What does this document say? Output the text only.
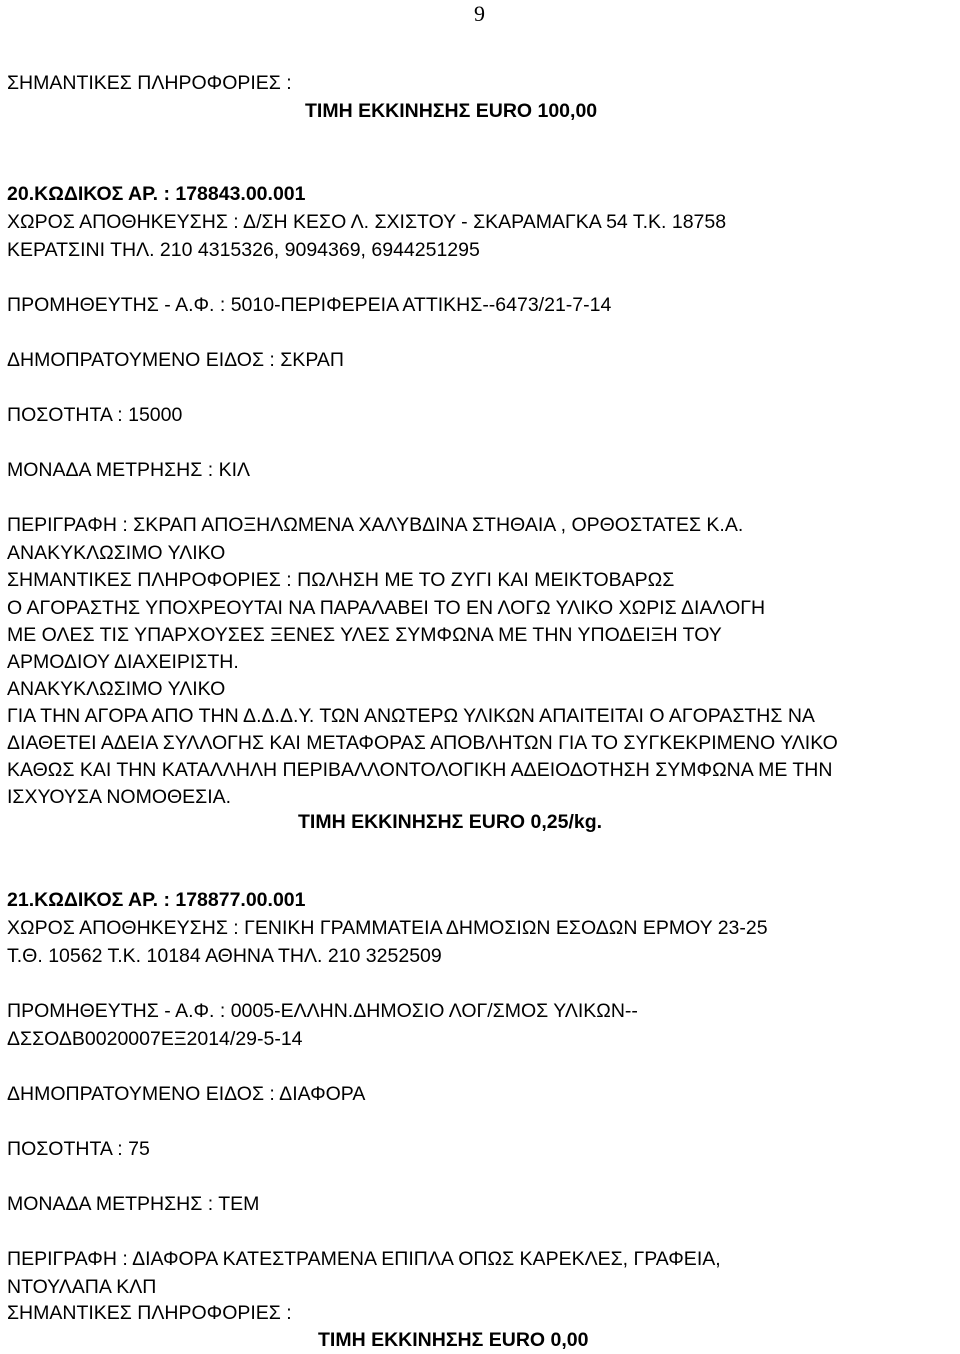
9

ΣΗΜΑΝΤΙΚΕΣ ΠΛΗΡΟΦΟΡΙΕΣ :

ΤΙΜΗ ΕΚΚΙΝΗΣΗΣ EURO 100,00

20.ΚΩΔΙΚΟΣ ΑΡ. : 178843.00.001

ΧΩΡΟΣ ΑΠΟΘΗΚΕΥΣΗΣ : Δ/ΣΗ ΚΕΣΟ Λ. ΣΧΙΣΤΟΥ - ΣΚΑΡΑΜΑΓΚΑ 54 Τ.Κ. 18758

ΚΕΡΑΤΣΙΝΙ ΤΗΛ. 210 4315326, 9094369, 6944251295

ΠΡΟΜΗΘΕΥΤΗΣ - Α.Φ. : 5010-ΠΕΡΙΦΕΡΕΙΑ ΑΤΤΙΚΗΣ--6473/21-7-14

ΔΗΜΟΠΡΑΤΟΥΜΕΝΟ ΕΙΔΟΣ : ΣΚΡΑΠ

ΠΟΣΟΤΗΤΑ : 15000

ΜΟΝΑΔΑ ΜΕΤΡΗΣΗΣ : ΚΙΛ

ΠΕΡΙΓΡΑΦΗ : ΣΚΡΑΠ ΑΠΟΞΗΛΩΜΕΝΑ ΧΑΛΥΒΔΙΝΑ ΣΤΗΘΑΙΑ , ΟΡΘΟΣΤΑΤΕΣ Κ.Α.

ΑΝΑΚΥΚΛΩΣΙΜΟ ΥΛΙΚΟ

ΣΗΜΑΝΤΙΚΕΣ ΠΛΗΡΟΦΟΡΙΕΣ : ΠΩΛΗΣΗ ΜΕ ΤΟ ΖΥΓΙ ΚΑΙ ΜΕΙΚΤΟΒΑΡΩΣ

Ο ΑΓΟΡΑΣΤΗΣ ΥΠΟΧΡΕΟΥΤΑΙ ΝΑ ΠΑΡΑΛΑΒΕΙ ΤΟ ΕΝ ΛΟΓΩ ΥΛΙΚΟ ΧΩΡΙΣ ΔΙΑΛΟΓΗ

ΜΕ ΟΛΕΣ ΤΙΣ ΥΠΑΡΧΟΥΣΕΣ ΞΕΝΕΣ ΥΛΕΣ ΣΥΜΦΩΝΑ ΜΕ ΤΗΝ ΥΠΟΔΕΙΞΗ ΤΟΥ

ΑΡΜΟΔΙΟΥ ΔΙΑΧΕΙΡΙΣΤΗ.

ΑΝΑΚΥΚΛΩΣΙΜΟ ΥΛΙΚΟ

ΓΙΑ ΤΗΝ ΑΓΟΡΑ ΑΠΟ ΤΗΝ Δ.Δ.Δ.Υ. ΤΩΝ ΑΝΩΤΕΡΩ ΥΛΙΚΩΝ ΑΠΑΙΤΕΙΤΑΙ Ο ΑΓΟΡΑΣΤΗΣ ΝΑ

ΔΙΑΘΕΤΕΙ ΑΔΕΙΑ ΣΥΛΛΟΓΗΣ ΚΑΙ ΜΕΤΑΦΟΡΑΣ ΑΠΟΒΛΗΤΩΝ ΓΙΑ ΤΟ ΣΥΓΚΕΚΡΙΜΕΝΟ ΥΛΙΚΟ

ΚΑΘΩΣ ΚΑΙ ΤΗΝ ΚΑΤΑΛΛΗΛΗ ΠΕΡΙΒΑΛΛΟΝΤΟΛΟΓΙΚΗ ΑΔΕΙΟΔΟΤΗΣΗ ΣΥΜΦΩΝΑ ΜΕ ΤΗΝ

ΙΣΧΥΟΥΣΑ ΝΟΜΟΘΕΣΙΑ.

ΤΙΜΗ ΕΚΚΙΝΗΣΗΣ EURO 0,25/kg.

21.ΚΩΔΙΚΟΣ ΑΡ. : 178877.00.001

ΧΩΡΟΣ ΑΠΟΘΗΚΕΥΣΗΣ : ΓΕΝΙΚΗ ΓΡΑΜΜΑΤΕΙΑ ΔΗΜΟΣΙΩΝ ΕΣΟΔΩΝ ΕΡΜΟΥ 23-25

Τ.Θ. 10562 Τ.Κ. 10184 ΑΘΗΝΑ ΤΗΛ. 210 3252509

ΠΡΟΜΗΘΕΥΤΗΣ - Α.Φ. : 0005-ΕΛΛΗΝ.ΔΗΜΟΣΙΟ ΛΟΓ/ΣΜΟΣ ΥΛΙΚΩΝ--

ΔΣΣΟΔΒ0020007ΕΞ2014/29-5-14

ΔΗΜΟΠΡΑΤΟΥΜΕΝΟ ΕΙΔΟΣ : ΔΙΑΦΟΡΑ

ΠΟΣΟΤΗΤΑ : 75

ΜΟΝΑΔΑ ΜΕΤΡΗΣΗΣ : ΤΕΜ

ΠΕΡΙΓΡΑΦΗ : ΔΙΑΦΟΡΑ ΚΑΤΕΣΤΡΑΜΕΝΑ ΕΠΙΠΛΑ ΟΠΩΣ ΚΑΡΕΚΛΕΣ, ΓΡΑΦΕΙΑ,

ΝΤΟΥΛΑΠΑ ΚΛΠ

ΣΗΜΑΝΤΙΚΕΣ ΠΛΗΡΟΦΟΡΙΕΣ :

ΤΙΜΗ ΕΚΚΙΝΗΣΗΣ EURO 0,00
